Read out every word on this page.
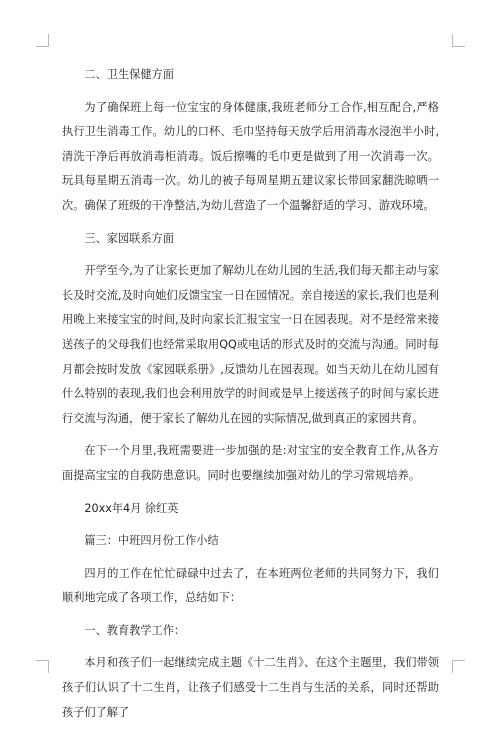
二、卫生保健方面

为了确保班上每一位宝宝的身体健康,我班老师分工合作,相互配合,严格执行卫生消毒工作。幼儿的口杯、毛巾坚持每天放学后用消毒水浸泡半小时,清洗干净后再放消毒柜消毒。饭后擦嘴的毛巾更是做到了用一次消毒一次。玩具每星期五消毒一次。幼儿的被子每周星期五建议家长带回家翻洗晾晒一次。确保了班级的干净整洁,为幼儿营造了一个温馨舒适的学习、游戏环境。

三、家园联系方面

开学至今,为了让家长更加了解幼儿在幼儿园的生活,我们每天都主动与家长及时交流,及时向她们反馈宝宝一日在园情况。亲自接送的家长,我们也是利用晚上来接宝宝的时间,及时向家长汇报宝宝一日在园表现。对不是经常来接送孩子的父母我们也经常采取用QQ或电话的形式及时的交流与沟通。同时每月都会按时发放《家园联系册》,反馈幼儿在园表现。如当天幼儿在幼儿园有什么特别的表现,我们也会利用放学的时间或是早上接送孩子的时间与家长进行交流与沟通，便于家长了解幼儿在园的实际情况,做到真正的家园共育。

在下一个月里,我班需要进一步加强的是:对宝宝的安全教育工作,从各方面提高宝宝的自我防患意识。同时也要继续加强对幼儿的学习常规培养。

20xx年4月 徐红英
篇三：中班四月份工作小结

四月的工作在忙忙碌碌中过去了，在本班两位老师的共同努力下，我们顺利地完成了各项工作，总结如下：

一、教育教学工作：

本月和孩子们一起继续完成主题《十二生肖》、在这个主题里，我们带领孩子们认识了十二生肖，让孩子们感受十二生肖与生活的关系，同时还帮助孩子们了解了
